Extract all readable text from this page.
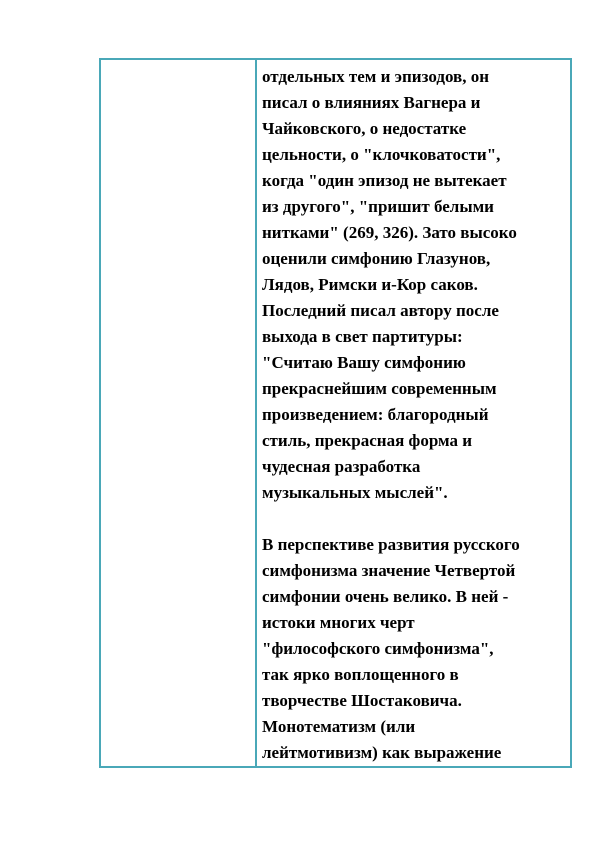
отдельных тем и эпизодов, он
писал о влияниях Вагнера и
Чайковского, о недостатке
цельности, о "клочковатости",
когда "один эпизод не вытекает
из другого", "пришит белыми
нитками" (269, 326). Зато высоко
оценили симфонию Глазунов,
Лядов, Римски и-Кор саков.
Последний писал автору после
выхода в свет партитуры:
"Считаю Вашу симфонию
прекраснейшим современным
произведением: благородный
стиль, прекрасная форма и
чудесная разработка
музыкальных мыслей".

В перспективе развития русского
симфонизма значение Четвертой
симфонии очень велико. В ней -
истоки многих черт
"философского симфонизма",
так ярко воплощенного в
творчестве Шостаковича.
Монотематизм (или
лейтмотивизм) как выражение
